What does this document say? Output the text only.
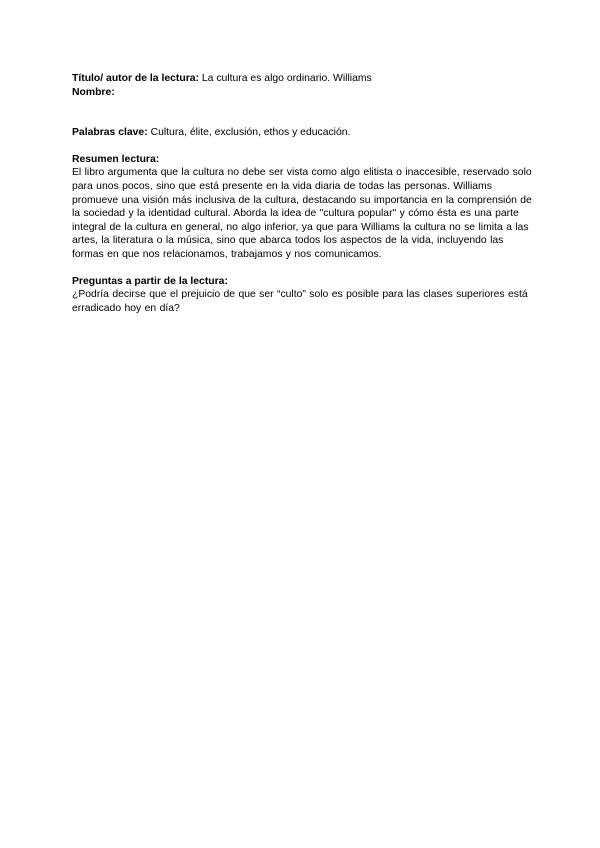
Título/ autor de la lectura: La cultura es algo ordinario. Williams

Nombre:

Palabras clave: Cultura, élite, exclusión, ethos y educación.

Resumen lectura:

El libro argumenta que la cultura no debe ser vista como algo elitista o inaccesible, reservado solo para unos pocos, sino que está presente en la vida diaria de todas las personas. Williams promueve una visión más inclusiva de la cultura, destacando su importancia en la comprensión de la sociedad y la identidad cultural. Aborda la idea de "cultura popular" y cómo ésta es una parte integral de la cultura en general, no algo inferior, ya que para Williams la cultura no se limita a las artes, la literatura o la música, sino que abarca todos los aspectos de la vida, incluyendo las formas en que nos relacionamos, trabajamos y nos comunicamos.

Preguntas a partir de la lectura:

¿Podría decirse que el prejuicio de que ser “culto” solo es posible para las clases superiores está erradicado hoy en día?
